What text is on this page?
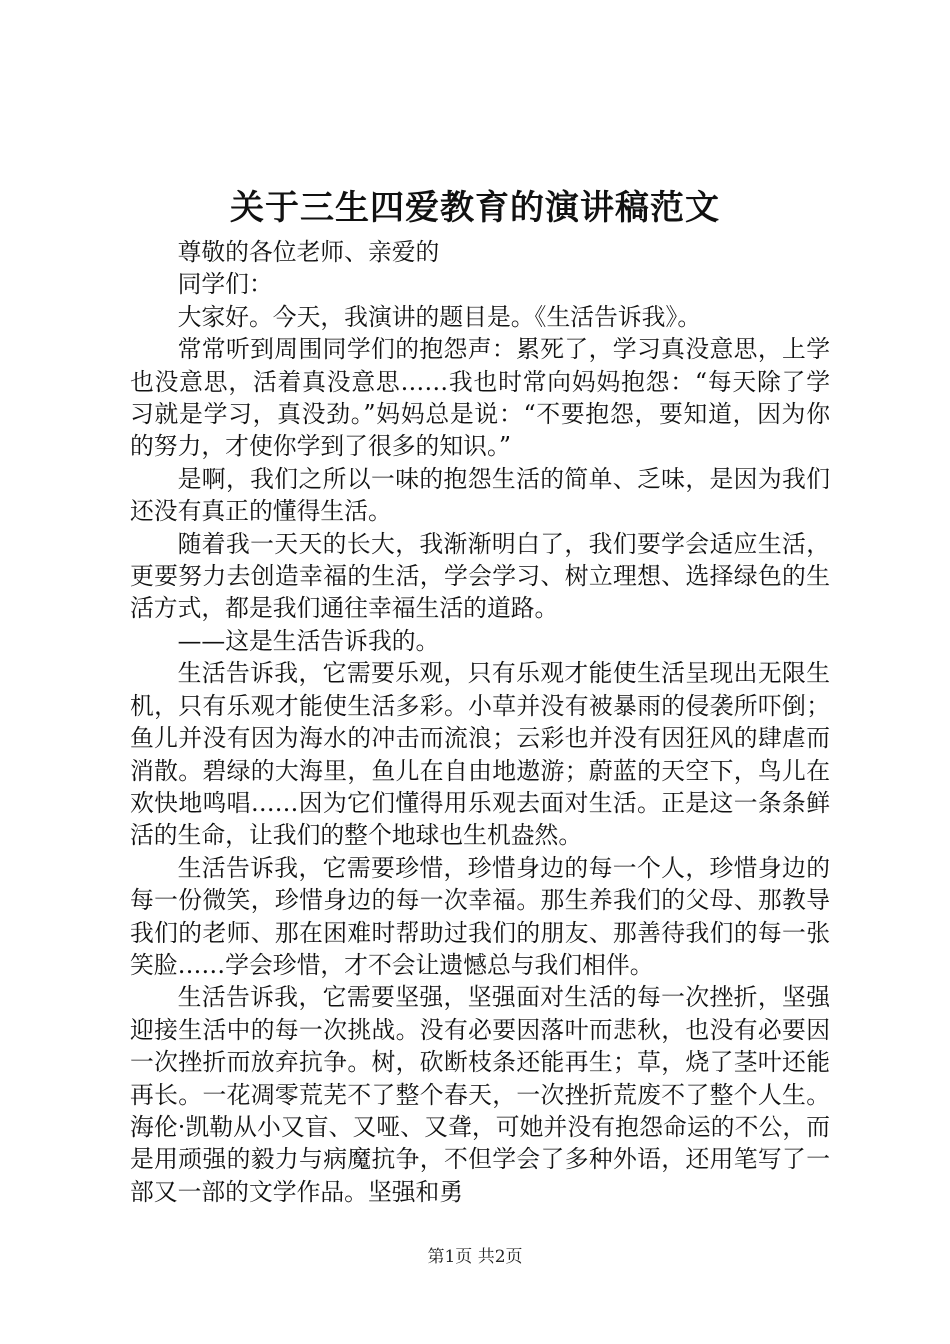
关于三生四爱教育的演讲稿范文

尊敬的各位老师、亲爱的

同学们：

大家好。今天，我演讲的题目是。《生活告诉我》。

常常听到周围同学们的抱怨声：累死了，学习真没意思，上学也没意思，活着真没意思……我也时常向妈妈抱怨：“每天除了学习就是学习，真没劲。”妈妈总是说：“不要抱怨，要知道，因为你的努力，才使你学到了很多的知识。”

是啊，我们之所以一味的抱怨生活的简单、乏味，是因为我们还没有真正的懂得生活。

随着我一天天的长大，我渐渐明白了，我们要学会适应生活，更要努力去创造幸福的生活，学会学习、树立理想、选择绿色的生活方式，都是我们通往幸福生活的道路。

——这是生活告诉我的。

生活告诉我，它需要乐观，只有乐观才能使生活呈现出无限生机，只有乐观才能使生活多彩。小草并没有被暴雨的侵袭所吓倒；鱼儿并没有因为海水的冲击而流浪；云彩也并没有因狂风的肆虐而消散。碧绿的大海里，鱼儿在自由地遨游；蔚蓝的天空下，鸟儿在欢快地鸣唱……因为它们懂得用乐观去面对生活。正是这一条条鲜活的生命，让我们的整个地球也生机盎然。

生活告诉我，它需要珍惜，珍惜身边的每一个人，珍惜身边的每一份微笑，珍惜身边的每一次幸福。那生养我们的父母、那教导我们的老师、那在困难时帮助过我们的朋友、那善待我们的每一张笑脸……学会珍惜，才不会让遗憾总与我们相伴。

生活告诉我，它需要坚强，坚强面对生活的每一次挫折，坚强迎接生活中的每一次挑战。没有必要因落叶而悲秋，也没有必要因一次挫折而放弃抗争。树，砍断枝条还能再生；草，烧了茎叶还能再长。一花凋零荒芜不了整个春天，一次挫折荒废不了整个人生。海伦·凯勒从小又盲、又哑、又聋，可她并没有抱怨命运的不公，而是用顽强的毅力与病魔抗争，不但学会了多种外语，还用笔写了一部又一部的文学作品。坚强和勇

第1页 共2页
